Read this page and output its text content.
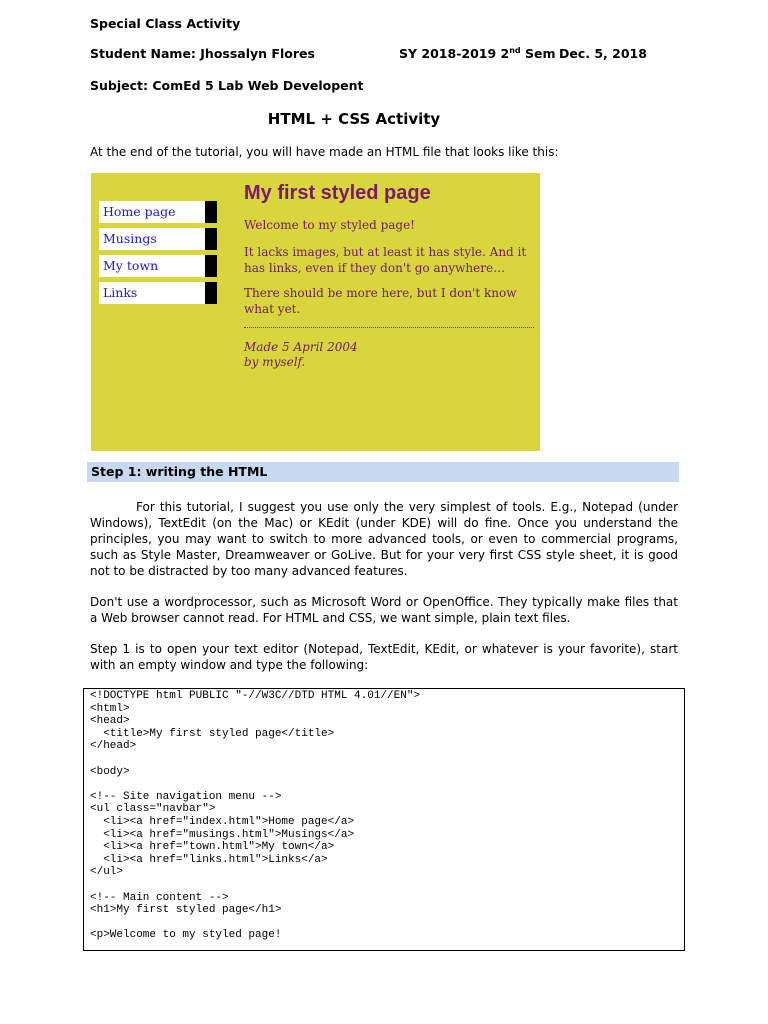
Special Class Activity
Student Name: Jhossalyn Flores	SY 2018-2019 2nd Sem Dec. 5, 2018
Subject: ComEd 5 Lab Web Developent
HTML + CSS Activity
At the end of the tutorial, you will have made an HTML file that looks like this:
Home page
Musings
My town
Links
My first styled page
Welcome to my styled page!
It lacks images, but at least it has style. And it has links, even if they don't go anywhere…
There should be more here, but I don't know what yet.
Made 5 April 2004
by myself.
Step 1: writing the HTML
For this tutorial, I suggest you use only the very simplest of tools. E.g., Notepad (under Windows), TextEdit (on the Mac) or KEdit (under KDE) will do fine. Once you understand the principles, you may want to switch to more advanced tools, or even to commercial programs, such as Style Master, Dreamweaver or GoLive. But for your very first CSS style sheet, it is good not to be distracted by too many advanced features.
Don't use a wordprocessor, such as Microsoft Word or OpenOffice. They typically make files that a Web browser cannot read. For HTML and CSS, we want simple, plain text files.
Step 1 is to open your text editor (Notepad, TextEdit, KEdit, or whatever is your favorite), start with an empty window and type the following:
<!DOCTYPE html PUBLIC "-//W3C//DTD HTML 4.01//EN">
<html>
<head>
<title>My first styled page</title>
</head>

<body>

<!-- Site navigation menu -->
<ul class="navbar">
<li><a href="index.html">Home page</a>
<li><a href="musings.html">Musings</a>
<li><a href="town.html">My town</a>
<li><a href="links.html">Links</a>
</ul>

<!-- Main content -->
<h1>My first styled page</h1>

<p>Welcome to my styled page!
